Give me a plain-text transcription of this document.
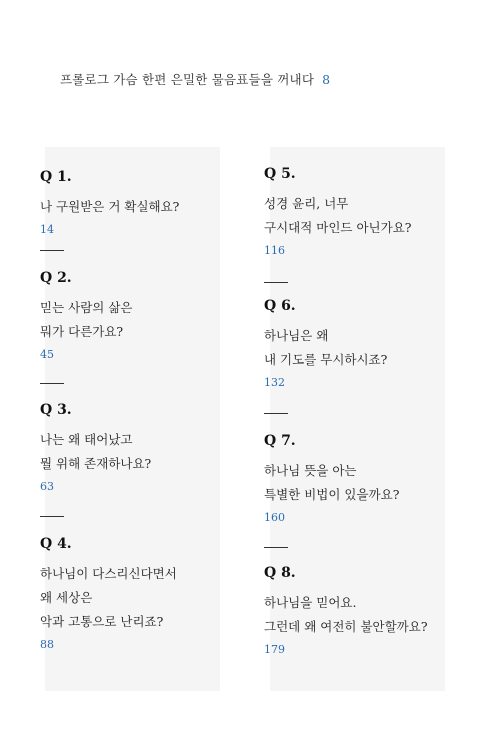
프롤로그 가슴 한편 은밀한 물음표들을 꺼내다 8
Q 1.
나 구원받은 거 확실해요?
14
Q 2.
믿는 사람의 삶은
뭐가 다른가요?
45
Q 3.
나는 왜 태어났고
뭘 위해 존재하나요?
63
Q 4.
하나님이 다스리신다면서
왜 세상은
악과 고통으로 난리죠?
88
Q 5.
성경 윤리, 너무
구시대적 마인드 아닌가요?
116
Q 6.
하나님은 왜
내 기도를 무시하시죠?
132
Q 7.
하나님 뜻을 아는
특별한 비법이 있을까요?
160
Q 8.
하나님을 믿어요.
그런데 왜 여전히 불안할까요?
179
